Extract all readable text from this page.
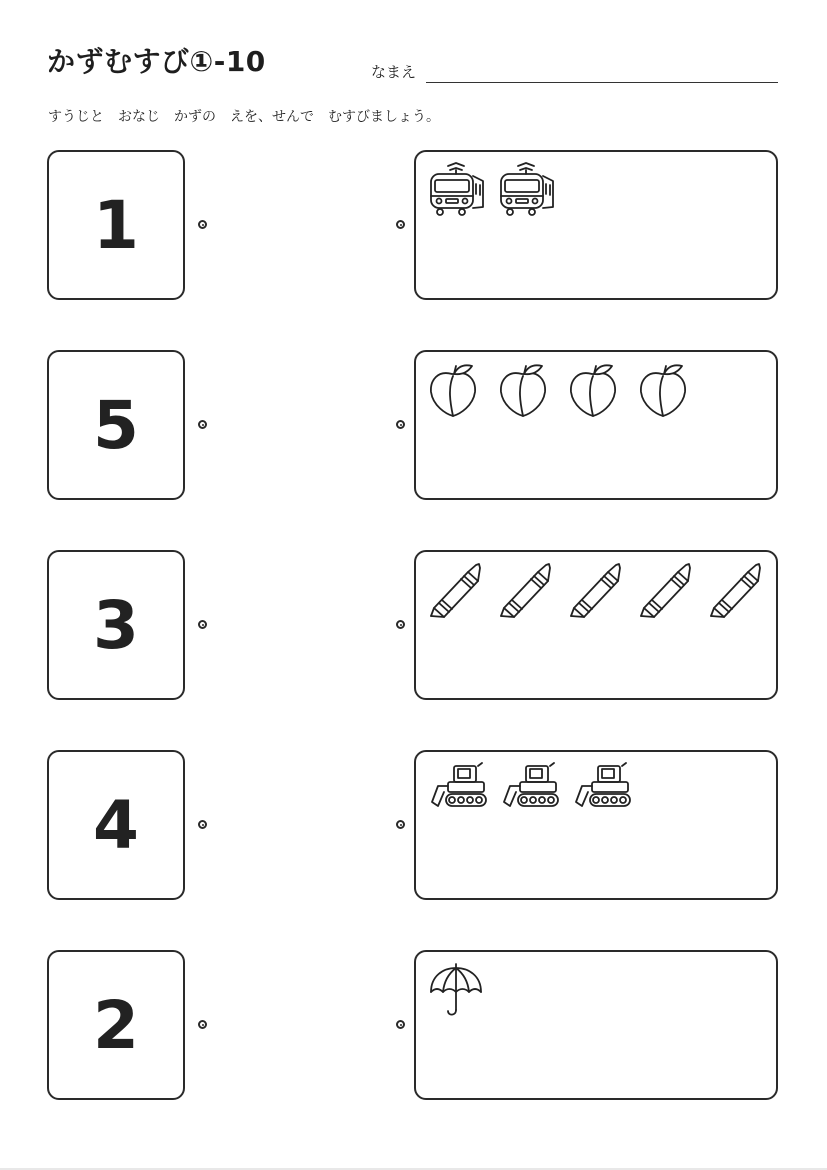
かずむすび①-10	なまえ
すうじと　おなじ　かずの　えを、せんで　むすびましょう。
1
5
3
4
2
